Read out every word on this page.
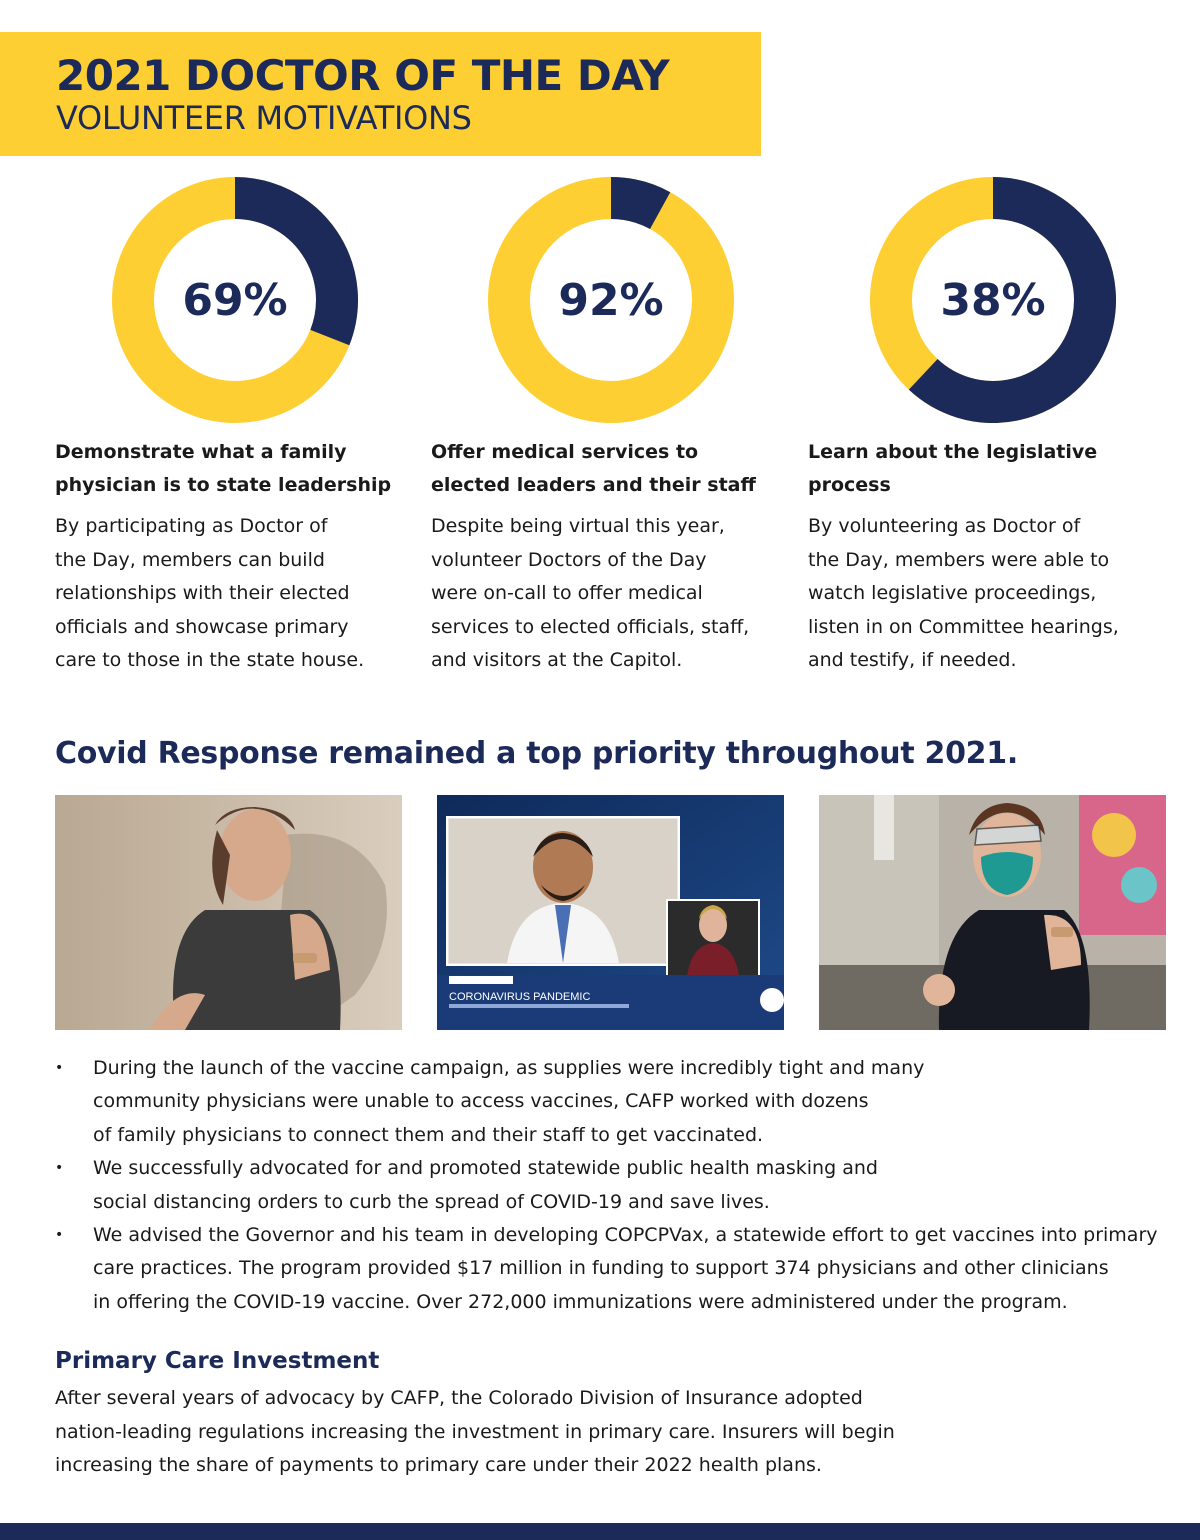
2021 DOCTOR OF THE DAY
VOLUNTEER MOTIVATIONS
69%	92%	38%
Demonstrate what a family
physician is to state leadership
By participating as Doctor of
the Day, members can build
relationships with their elected
officials and showcase primary
care to those in the state house.
Offer medical services to
elected leaders and their staff
Despite being virtual this year,
volunteer Doctors of the Day
were on-call to offer medical
services to elected officials, staff,
and visitors at the Capitol.
Learn about the legislative process
By volunteering as Doctor of
the Day, members were able to
watch legislative proceedings,
listen in on Committee hearings,
and testify, if needed.
Covid Response remained a top priority throughout 2021.
CORONAVIRUS PANDEMIC
• During the launch of the vaccine campaign, as supplies were incredibly tight and many
community physicians were unable to access vaccines, CAFP worked with dozens
of family physicians to connect them and their staff to get vaccinated.
• We successfully advocated for and promoted statewide public health masking and
social distancing orders to curb the spread of COVID-19 and save lives.
• We advised the Governor and his team in developing COPCPVax, a statewide effort to get vaccines into primary
care practices. The program provided $17 million in funding to support 374 physicians and other clinicians
in offering the COVID-19 vaccine. Over 272,000 immunizations were administered under the program.
Primary Care Investment
After several years of advocacy by CAFP, the Colorado Division of Insurance adopted
nation-leading regulations increasing the investment in primary care. Insurers will begin
increasing the share of payments to primary care under their 2022 health plans.
